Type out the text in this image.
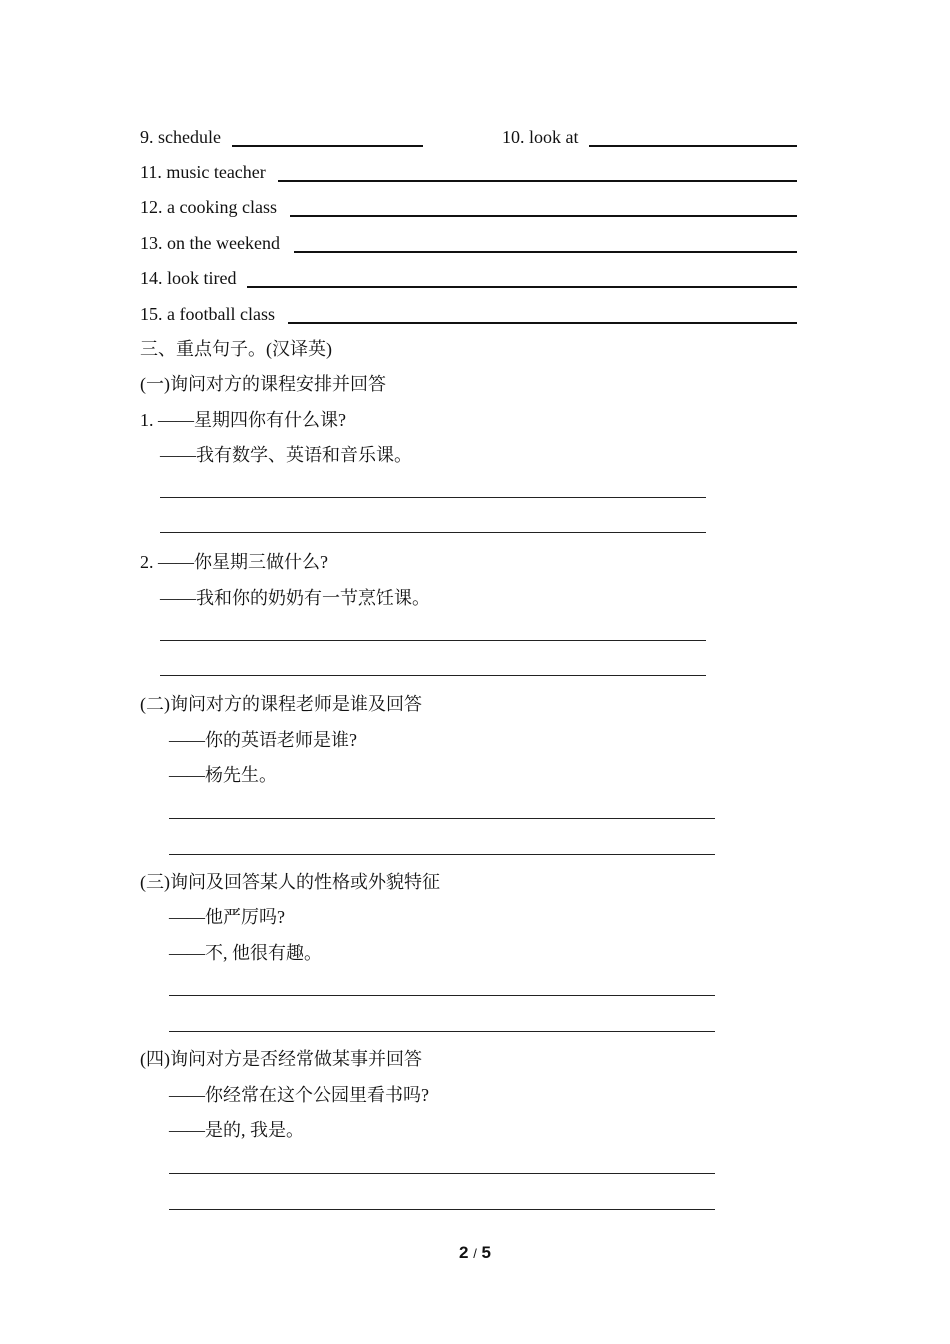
9. schedule	10. look at
11. music teacher
12. a cooking class
13. on the weekend
14. look tired
15. a football class
三、重点句子。(汉译英)
(一)询问对方的课程安排并回答
1. ——星期四你有什么课?
——我有数学、英语和音乐课。
2. ——你星期三做什么?
——我和你的奶奶有一节烹饪课。
(二)询问对方的课程老师是谁及回答
——你的英语老师是谁?
——杨先生。
(三)询问及回答某人的性格或外貌特征
——他严厉吗?
——不, 他很有趣。
(四)询问对方是否经常做某事并回答
——你经常在这个公园里看书吗?
——是的, 我是。
2 / 5
